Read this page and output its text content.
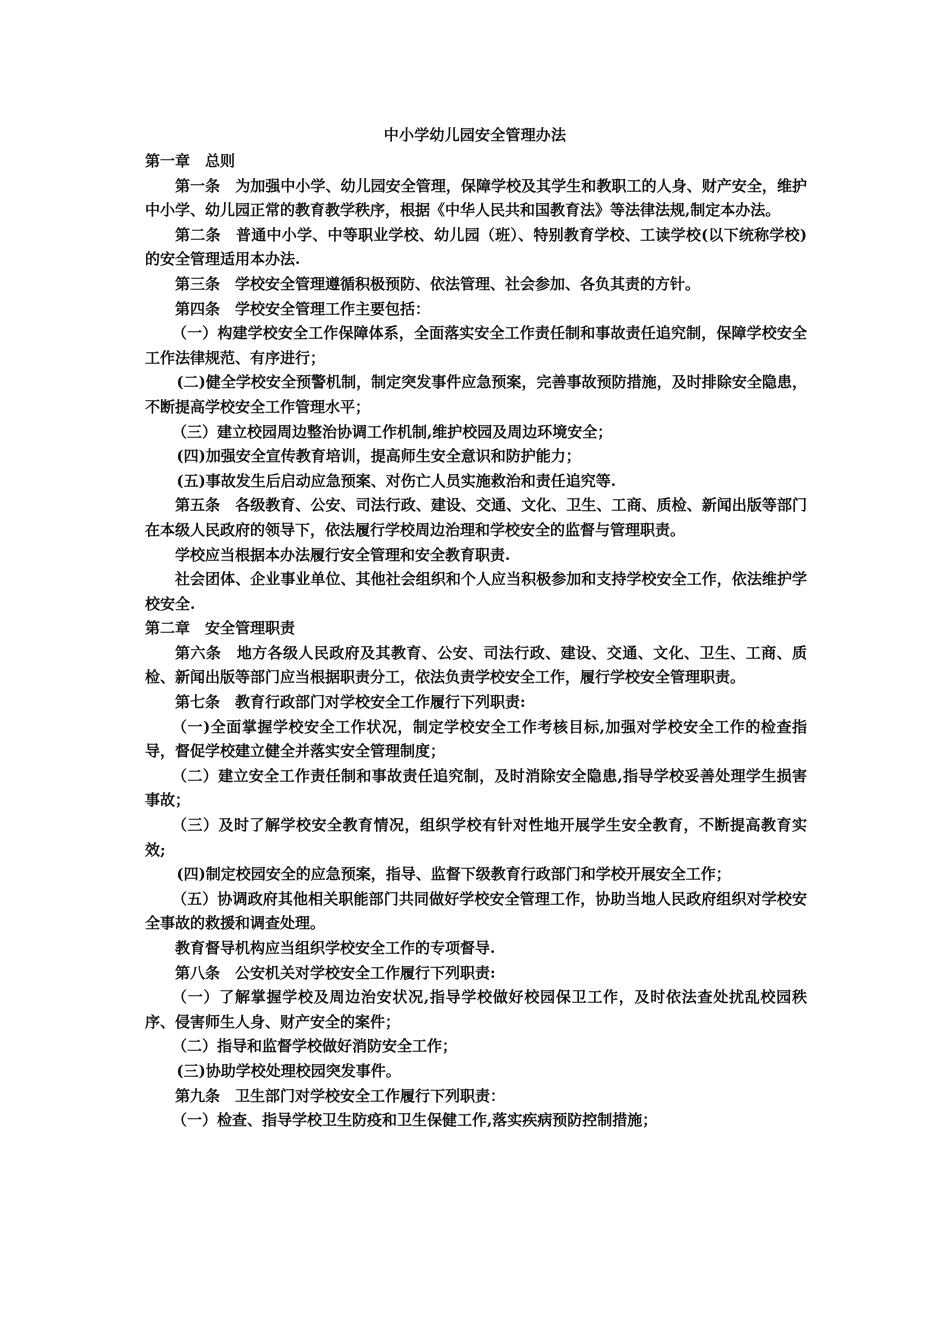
中小学幼儿园安全管理办法

第一章　总则

第一条　为加强中小学、幼儿园安全管理，保障学校及其学生和教职工的人身、财产安全，维护中小学、幼儿园正常的教育教学秩序，根据《中华人民共和国教育法》等法律法规,制定本办法。

第二条　普通中小学、中等职业学校、幼儿园（班）、特别教育学校、工读学校(以下统称学校)的安全管理适用本办法.

第三条　学校安全管理遵循积极预防、依法管理、社会参加、各负其责的方针。

第四条　学校安全管理工作主要包括：

（一）构建学校安全工作保障体系，全面落实安全工作责任制和事故责任追究制，保障学校安全工作法律规范、有序进行；

(二)健全学校安全预警机制，制定突发事件应急预案，完善事故预防措施，及时排除安全隐患，不断提高学校安全工作管理水平；

（三）建立校园周边整治协调工作机制,维护校园及周边环境安全；

(四)加强安全宣传教育培训，提高师生安全意识和防护能力；

(五)事故发生后启动应急预案、对伤亡人员实施救治和责任追究等.

第五条　各级教育、公安、司法行政、建设、交通、文化、卫生、工商、质检、新闻出版等部门在本级人民政府的领导下，依法履行学校周边治理和学校安全的监督与管理职责。

学校应当根据本办法履行安全管理和安全教育职责.

社会团体、企业事业单位、其他社会组织和个人应当积极参加和支持学校安全工作，依法维护学校安全.

第二章　安全管理职责

第六条　地方各级人民政府及其教育、公安、司法行政、建设、交通、文化、卫生、工商、质检、新闻出版等部门应当根据职责分工，依法负责学校安全工作，履行学校安全管理职责。

第七条　教育行政部门对学校安全工作履行下列职责:

（一)全面掌握学校安全工作状况，制定学校安全工作考核目标,加强对学校安全工作的检查指导，督促学校建立健全并落实安全管理制度；

（二）建立安全工作责任制和事故责任追究制，及时消除安全隐患,指导学校妥善处理学生损害事故；

（三）及时了解学校安全教育情况，组织学校有针对性地开展学生安全教育，不断提高教育实效;

(四)制定校园安全的应急预案，指导、监督下级教育行政部门和学校开展安全工作；

（五）协调政府其他相关职能部门共同做好学校安全管理工作，协助当地人民政府组织对学校安全事故的救援和调查处理。

教育督导机构应当组织学校安全工作的专项督导.

第八条　公安机关对学校安全工作履行下列职责:

（一）了解掌握学校及周边治安状况,指导学校做好校园保卫工作，及时依法查处扰乱校园秩序、侵害师生人身、财产安全的案件；

（二）指导和监督学校做好消防安全工作；

(三)协助学校处理校园突发事件。

第九条　卫生部门对学校安全工作履行下列职责：

（一）检查、指导学校卫生防疫和卫生保健工作,落实疾病预防控制措施；
